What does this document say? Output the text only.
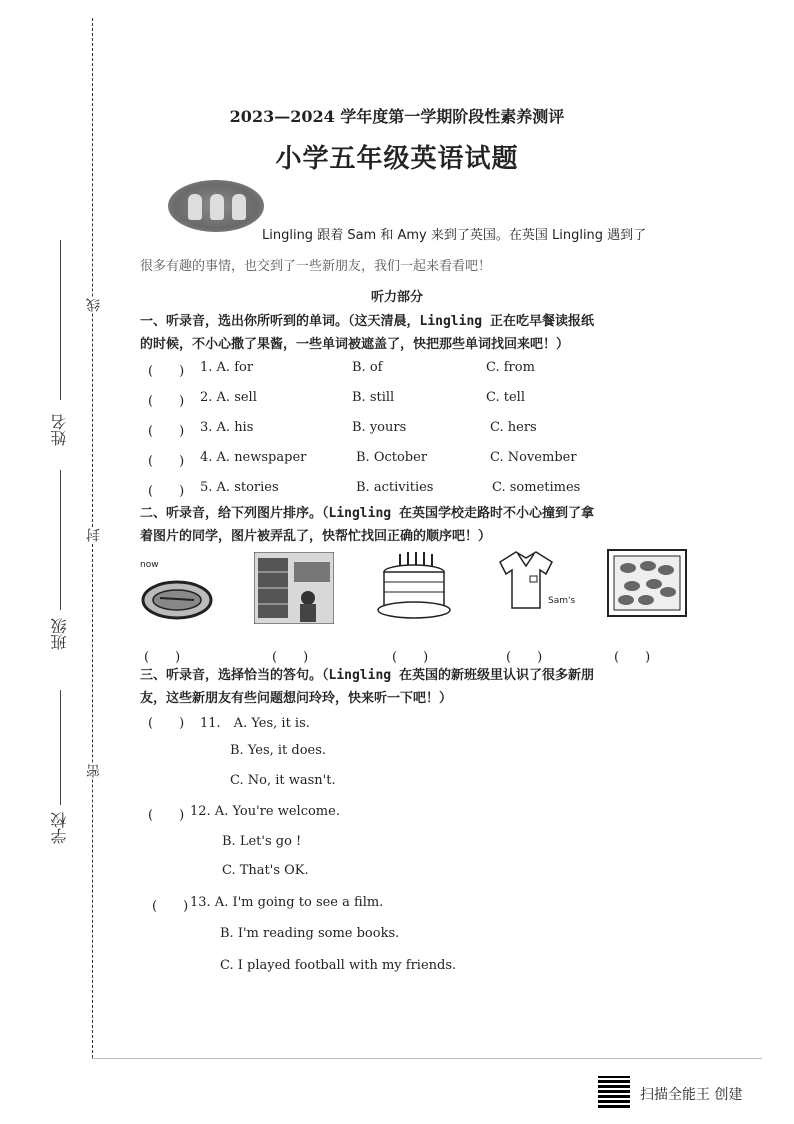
姓名
班级
学校
线
封
密
2023—2024 学年度第一学期阶段性素养测评
小学五年级英语试题
Lingling 跟着 Sam 和 Amy 来到了英国。在英国 Lingling 遇到了
很多有趣的事情，也交到了一些新朋友，我们一起来看看吧！
听力部分
一、听录音，选出你所听到的单词。（这天清晨，Lingling 正在吃早餐读报纸
的时候，不小心撒了果酱，一些单词被遮盖了，快把那些单词找回来吧！）
(　　) 1. A. for	B. of	C. from
(　　) 2. A. sell	B. still	C. tell
(　　) 3. A. his	B. yours	C. hers
(　　) 4. A. newspaper	B. October	C. November
(　　) 5. A. stories	B. activities	C. sometimes
二、听录音，给下列图片排序。（Lingling 在英国学校走路时不小心撞到了拿
着图片的同学，图片被弄乱了，快帮忙找回正确的顺序吧！）
now
Sam's
(　　)	(　　)	(　　)	(　　)	(　　)
三、听录音，选择恰当的答句。（Lingling 在英国的新班级里认识了很多新朋
友，这些新朋友有些问题想问玲玲，快来听一下吧！）
(　　) 11.　A. Yes, it is.
B. Yes, it does.
C. No, it wasn't.
(　　) 12. A. You're welcome.
B. Let's go !
C. That's OK.
(　　) 13. A. I'm going to see a film.
B. I'm reading some books.
C. I played football with my friends.
扫描全能王 创建
